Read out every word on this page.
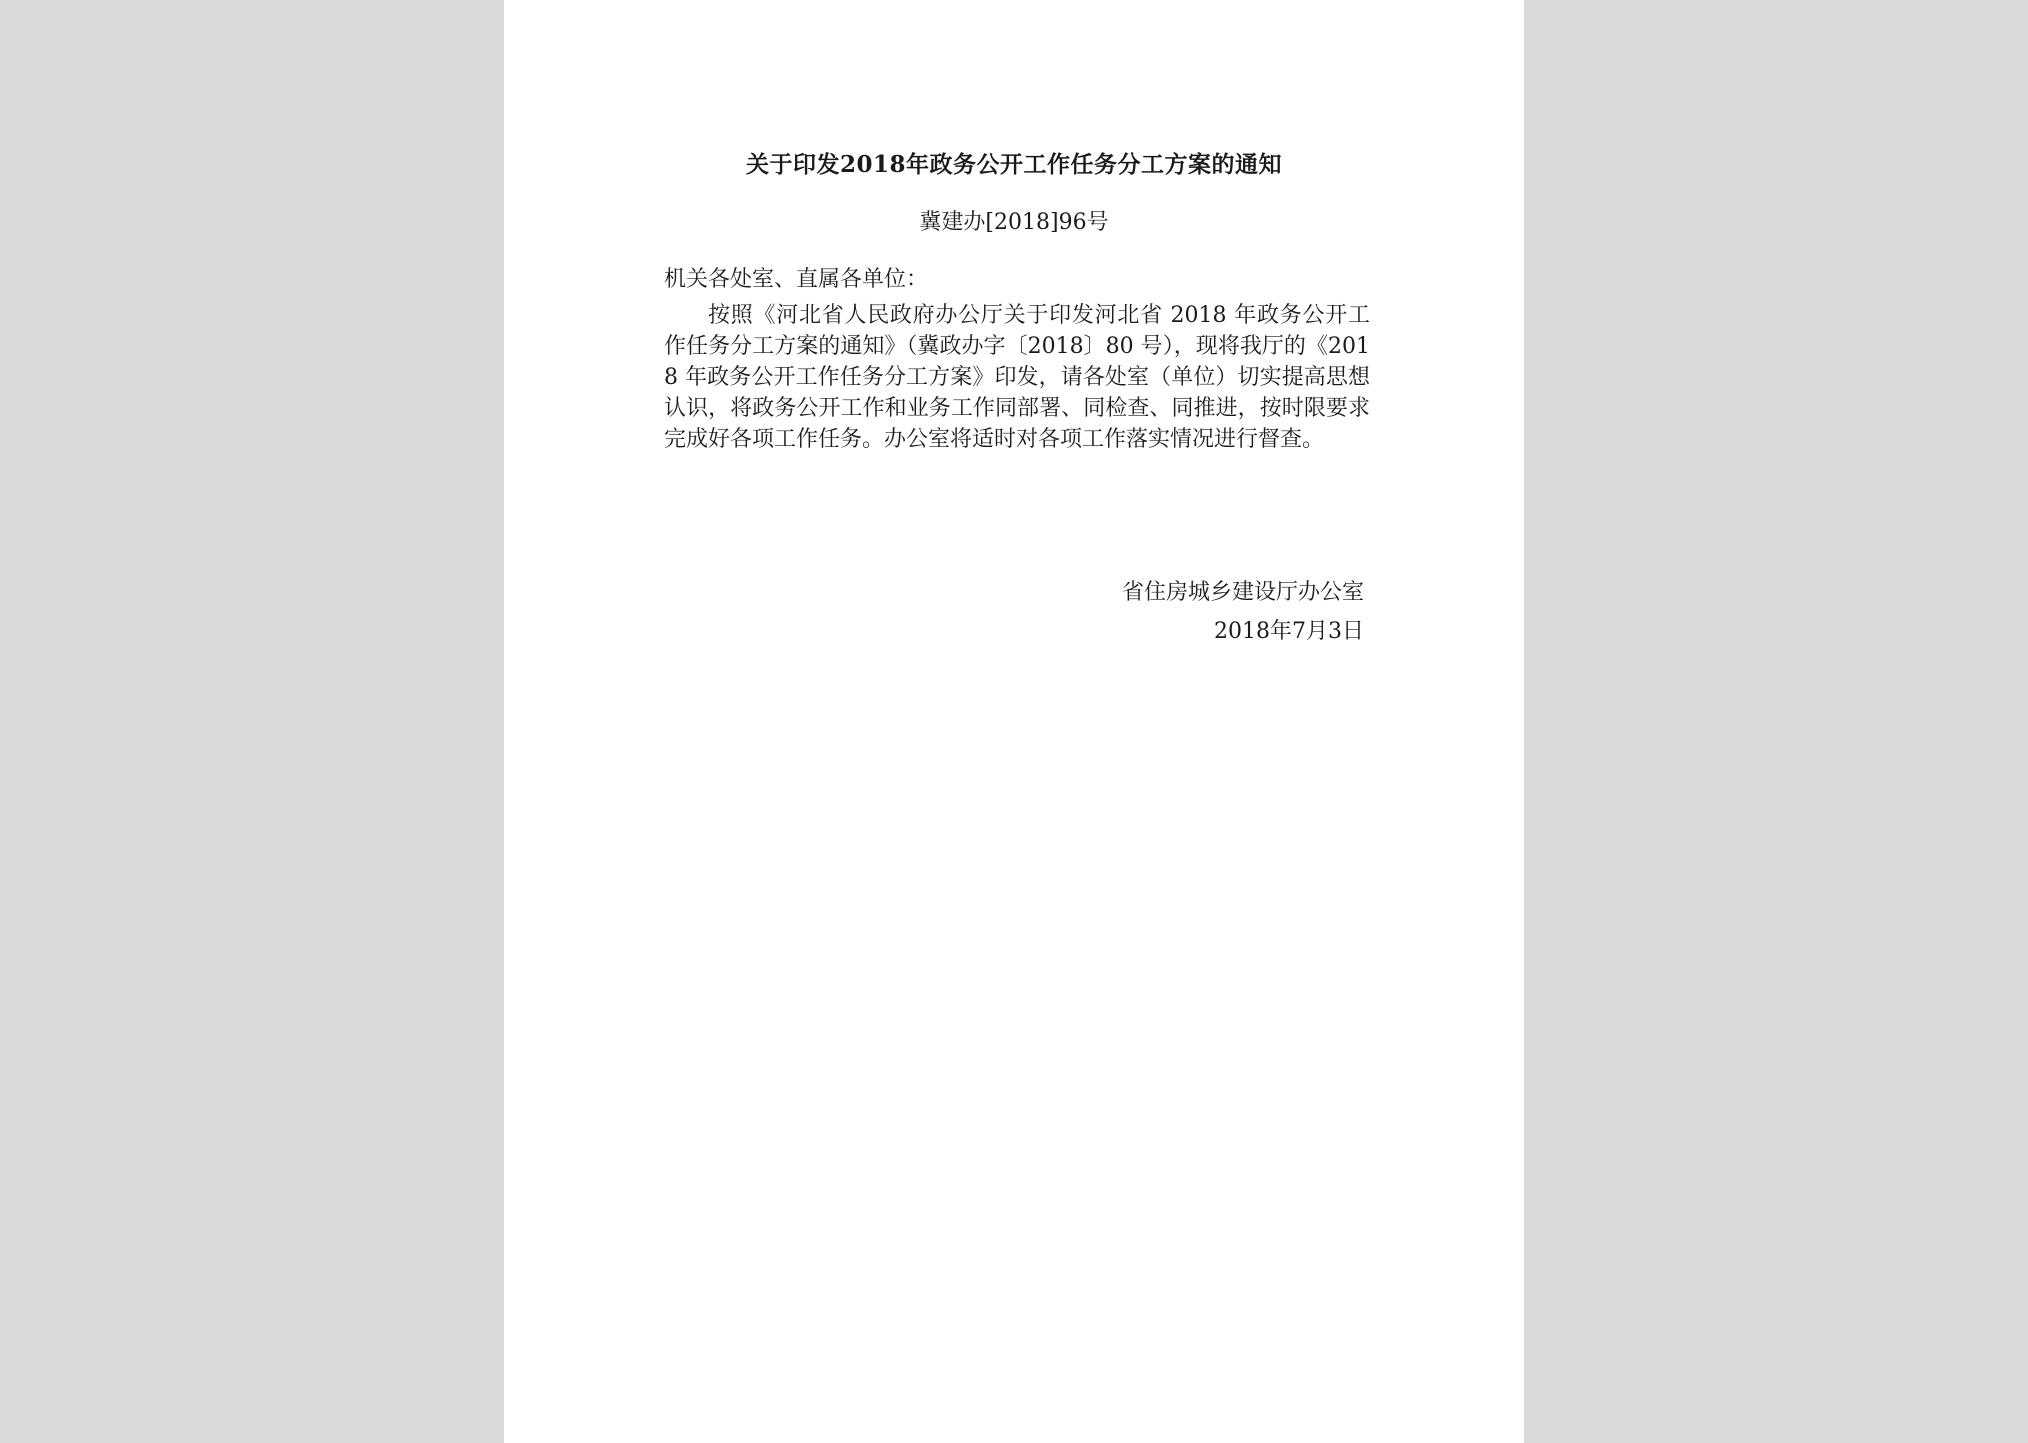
关于印发2018年政务公开工作任务分工方案的通知
冀建办[2018]96号
机关各处室、直属各单位：
按照《河北省人民政府办公厅关于印发河北省 2018 年政务公开工作任务分工方案的通知》（冀政办字〔2018〕80 号），现将我厅的《2018 年政务公开工作任务分工方案》印发，请各处室（单位）切实提高思想认识，将政务公开工作和业务工作同部署、同检查、同推进，按时限要求完成好各项工作任务。办公室将适时对各项工作落实情况进行督查。
省住房城乡建设厅办公室
2018年7月3日
